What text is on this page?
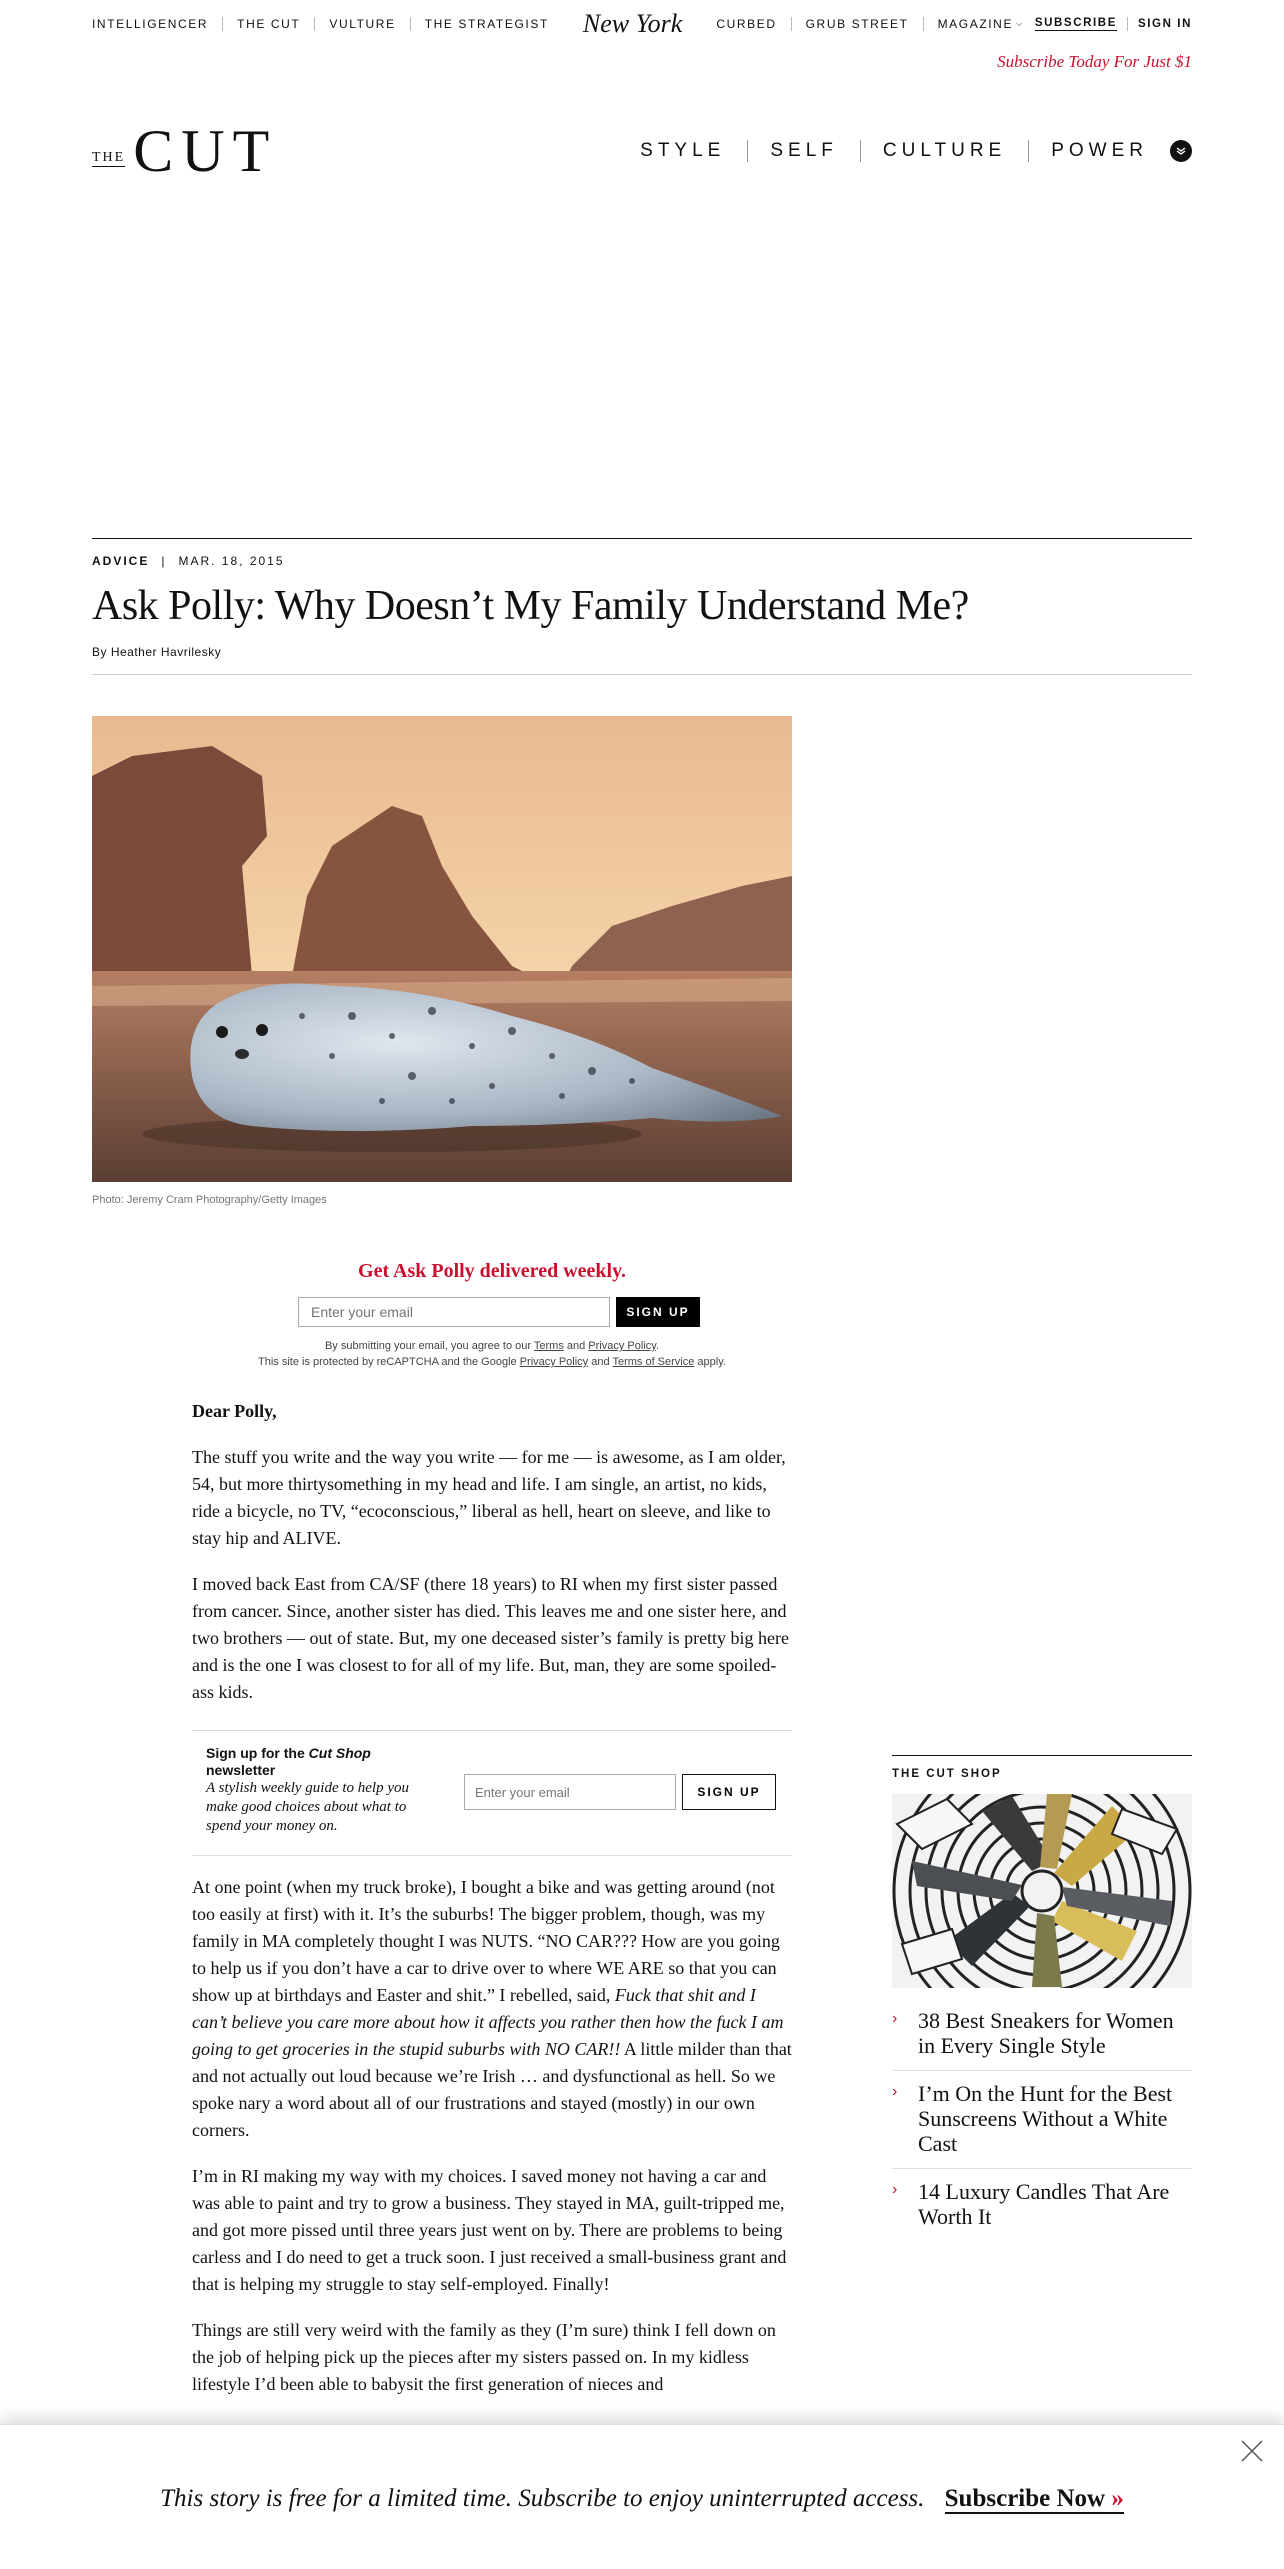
INTELLIGENCER THE CUT VULTURE THE STRATEGIST New York	CURBED GRUB STREET MAGAZINE ⌵ SUBSCRIBE SIGN IN
Subscribe Today For Just $1
THE CUT	STYLE SELF CULTURE POWER
ADVICE | MAR. 18, 2015
Ask Polly: Why Doesn’t My Family Understand Me?
By Heather Havrilesky
Photo: Jeremy Cram Photography/Getty Images
Get Ask Polly delivered weekly.
Enter your email
SIGN UP
By submitting your email, you agree to our Terms and Privacy Policy.
This site is protected by reCAPTCHA and the Google Privacy Policy and Terms of Service apply.

Dear Polly,

The stuff you write and the way you write — for me — is awesome, as I am older, 54, but more thirtysomething in my head and life. I am single, an artist, no kids, ride a bicycle, no TV, “ecoconscious,” liberal as hell, heart on sleeve, and like to stay hip and ALIVE.

I moved back East from CA/SF (there 18 years) to RI when my first sister passed from cancer. Since, another sister has died. This leaves me and one sister here, and two brothers — out of state. But, my one deceased sister’s family is pretty big here and is the one I was closest to for all of my life. But, man, they are some spoiled-ass kids.

Sign up for the Cut Shop newsletter
A stylish weekly guide to help you make good choices about what to spend your money on.
Enter your email
SIGN UP

At one point (when my truck broke), I bought a bike and was getting around (not too easily at first) with it. It’s the suburbs! The bigger problem, though, was my family in MA completely thought I was NUTS. “NO CAR??? How are you going to help us if you don’t have a car to drive over to where WE ARE so that you can show up at birthdays and Easter and shit.” I rebelled, said, Fuck that shit and I can’t believe you care more about how it affects you rather then how the fuck I am going to get groceries in the stupid suburbs with NO CAR!! A little milder than that and not actually out loud because we’re Irish … and dysfunctional as hell. So we spoke nary a word about all of our frustrations and stayed (mostly) in our own corners.

I’m in RI making my way with my choices. I saved money not having a car and was able to paint and try to grow a business. They stayed in MA, guilt-tripped me, and got more pissed until three years just went on by. There are problems to being carless and I do need to get a truck soon. I just received a small-business grant and that is helping my struggle to stay self-employed. Finally!

Things are still very weird with the family as they (I’m sure) think I fell down on the job of helping pick up the pieces after my sisters passed on. In my kidless lifestyle I’d been able to babysit the first generation of nieces and

THE CUT SHOP
› 38 Best Sneakers for Women in Every Single Style
› I’m On the Hunt for the Best Sunscreens Without a White Cast
› 14 Luxury Candles That Are Worth It
This story is free for a limited time. Subscribe to enjoy uninterrupted access. Subscribe Now »
